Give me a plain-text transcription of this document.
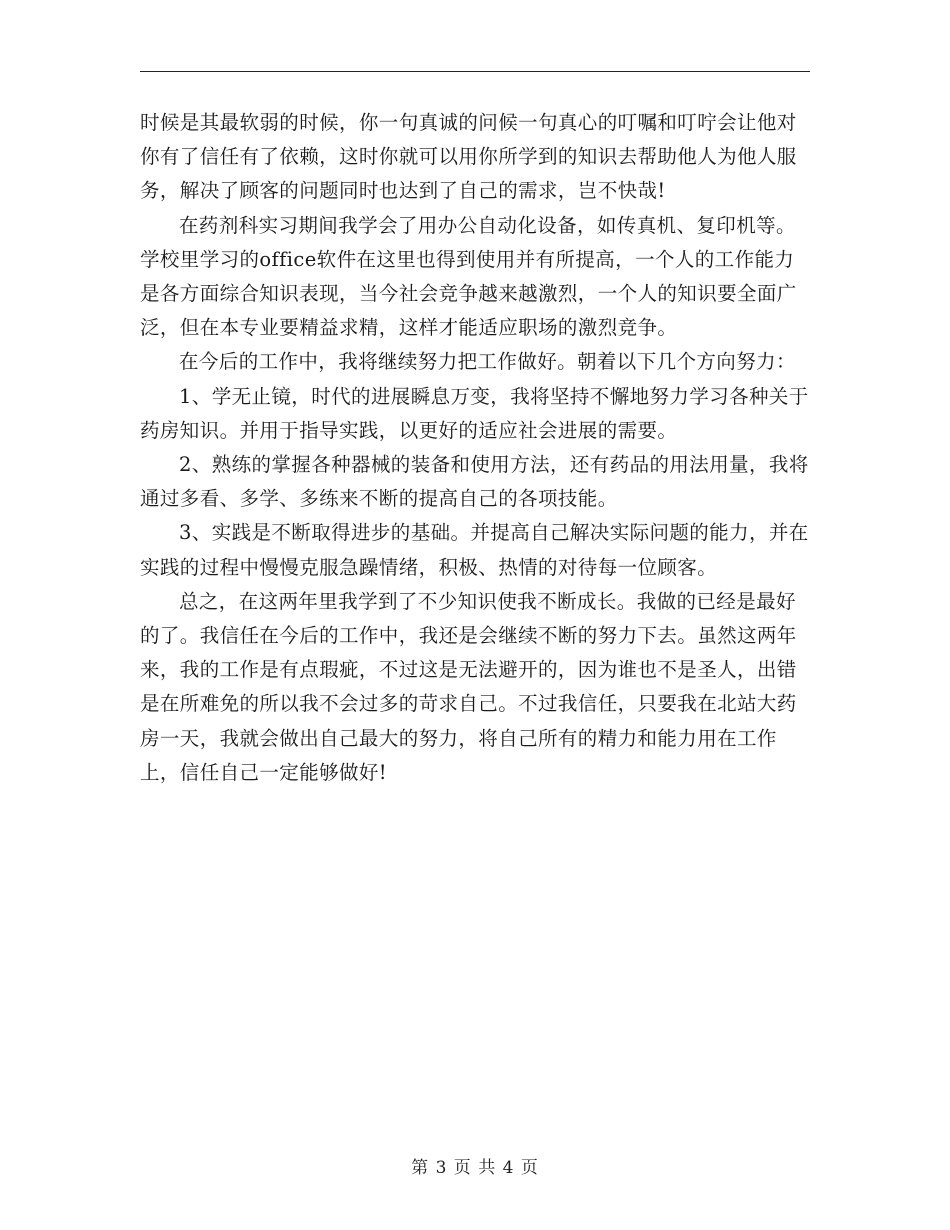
时候是其最软弱的时候，你一句真诚的问候一句真心的叮嘱和叮咛会让他对你有了信任有了依赖，这时你就可以用你所学到的知识去帮助他人为他人服务，解决了顾客的问题同时也达到了自己的需求，岂不快哉!

在药剂科实习期间我学会了用办公自动化设备，如传真机、复印机等。学校里学习的office软件在这里也得到使用并有所提高，一个人的工作能力是各方面综合知识表现，当今社会竞争越来越激烈，一个人的知识要全面广泛，但在本专业要精益求精，这样才能适应职场的激烈竞争。

在今后的工作中，我将继续努力把工作做好。朝着以下几个方向努力：

1、学无止镜，时代的进展瞬息万变，我将坚持不懈地努力学习各种关于药房知识。并用于指导实践，以更好的适应社会进展的需要。

2、熟练的掌握各种器械的装备和使用方法，还有药品的用法用量，我将通过多看、多学、多练来不断的提高自己的各项技能。

3、实践是不断取得进步的基础。并提高自己解决实际问题的能力，并在实践的过程中慢慢克服急躁情绪，积极、热情的对待每一位顾客。

总之，在这两年里我学到了不少知识使我不断成长。我做的已经是最好的了。我信任在今后的工作中，我还是会继续不断的努力下去。虽然这两年来，我的工作是有点瑕疵，不过这是无法避开的，因为谁也不是圣人，出错是在所难免的所以我不会过多的苛求自己。不过我信任，只要我在北站大药房一天，我就会做出自己最大的努力，将自己所有的精力和能力用在工作上，信任自己一定能够做好!

第 3 页 共 4 页
